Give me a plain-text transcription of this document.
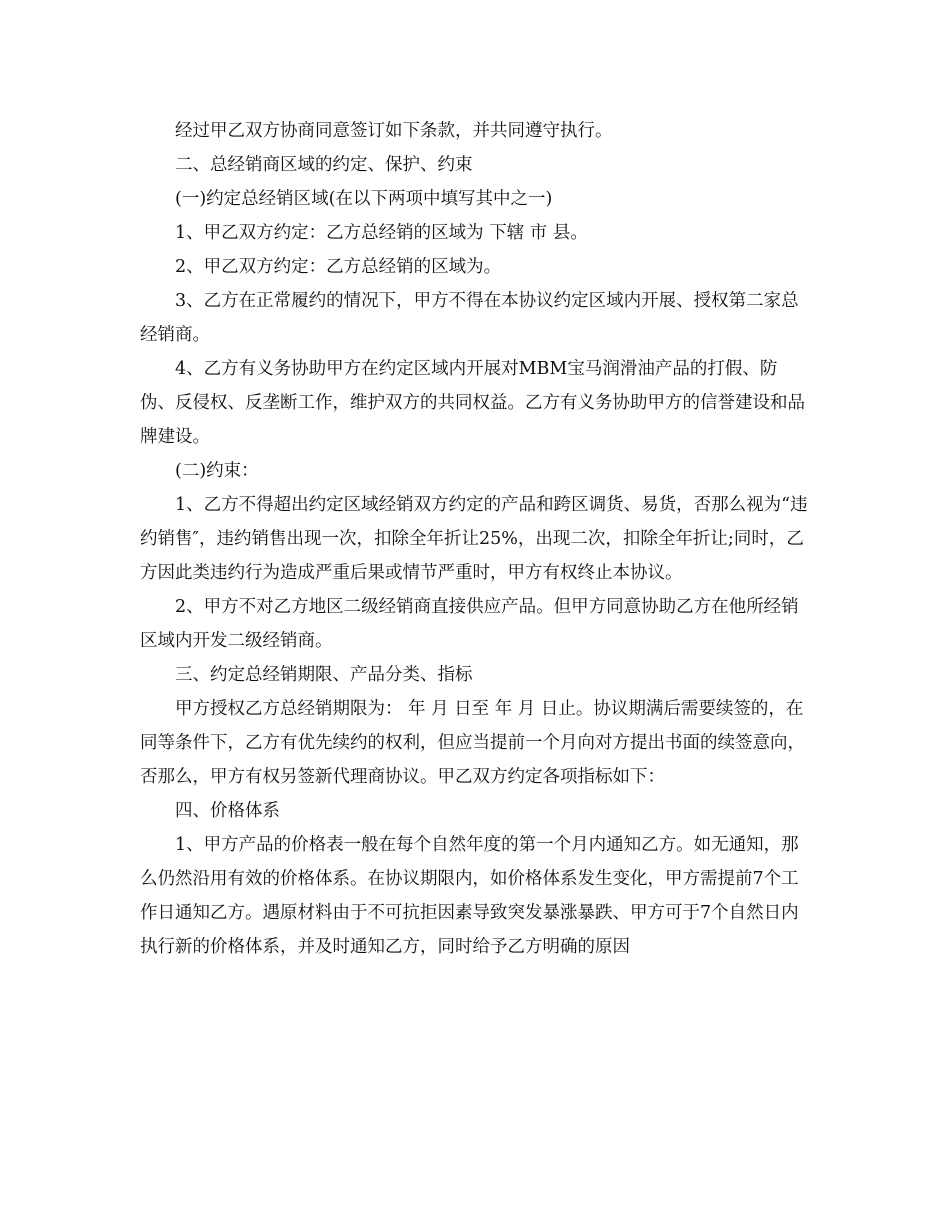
经过甲乙双方协商同意签订如下条款，并共同遵守执行。

二、总经销商区域的约定、保护、约束

(一)约定总经销区域(在以下两项中填写其中之一)

1、甲乙双方约定：乙方总经销的区域为 下辖 市 县。

2、甲乙双方约定：乙方总经销的区域为。

3、乙方在正常履约的情况下，甲方不得在本协议约定区域内开展、授权第二家总经销商。

4、乙方有义务协助甲方在约定区域内开展对MBM宝马润滑油产品的打假、防伪、反侵权、反垄断工作，维护双方的共同权益。乙方有义务协助甲方的信誉建设和品牌建设。

(二)约束：

1、乙方不得超出约定区域经销双方约定的产品和跨区调货、易货，否那么视为“违约销售″，违约销售出现一次，扣除全年折让25%，出现二次，扣除全年折让;同时，乙方因此类违约行为造成严重后果或情节严重时，甲方有权终止本协议。

2、甲方不对乙方地区二级经销商直接供应产品。但甲方同意协助乙方在他所经销区域内开发二级经销商。

三、约定总经销期限、产品分类、指标

甲方授权乙方总经销期限为： 年 月 日至 年 月 日止。协议期满后需要续签的，在同等条件下，乙方有优先续约的权利，但应当提前一个月向对方提出书面的续签意向，否那么，甲方有权另签新代理商协议。甲乙双方约定各项指标如下：

四、价格体系

1、甲方产品的价格表一般在每个自然年度的第一个月内通知乙方。如无通知，那么仍然沿用有效的价格体系。在协议期限内，如价格体系发生变化，甲方需提前7个工作日通知乙方。遇原材料由于不可抗拒因素导致突发暴涨暴跌、甲方可于7个自然日内执行新的价格体系，并及时通知乙方，同时给予乙方明确的原因
